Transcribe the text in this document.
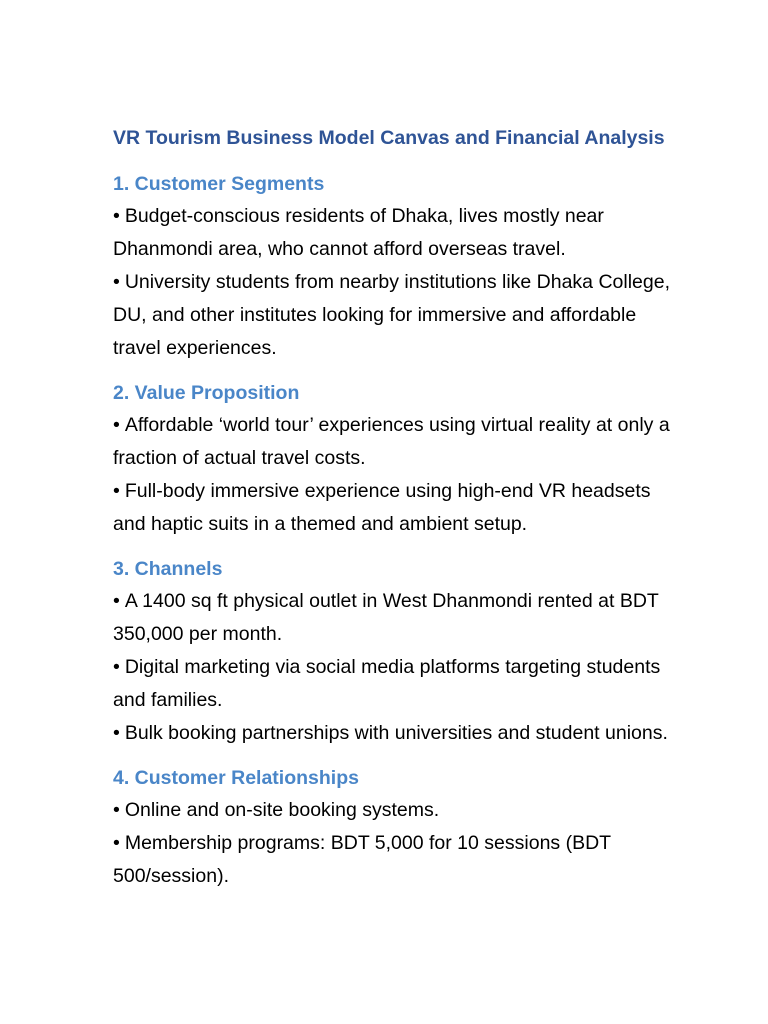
VR Tourism Business Model Canvas and Financial Analysis

1. Customer Segments

• Budget-conscious residents of Dhaka, lives mostly near Dhanmondi area, who cannot afford overseas travel.

• University students from nearby institutions like Dhaka College, DU, and other institutes looking for immersive and affordable travel experiences.

2. Value Proposition

• Affordable ‘world tour’ experiences using virtual reality at only a fraction of actual travel costs.

• Full-body immersive experience using high-end VR headsets and haptic suits in a themed and ambient setup.

3. Channels

• A 1400 sq ft physical outlet in West Dhanmondi rented at BDT 350,000 per month.

• Digital marketing via social media platforms targeting students and families.

• Bulk booking partnerships with universities and student unions.

4. Customer Relationships

• Online and on-site booking systems.

• Membership programs: BDT 5,000 for 10 sessions (BDT 500/session).
